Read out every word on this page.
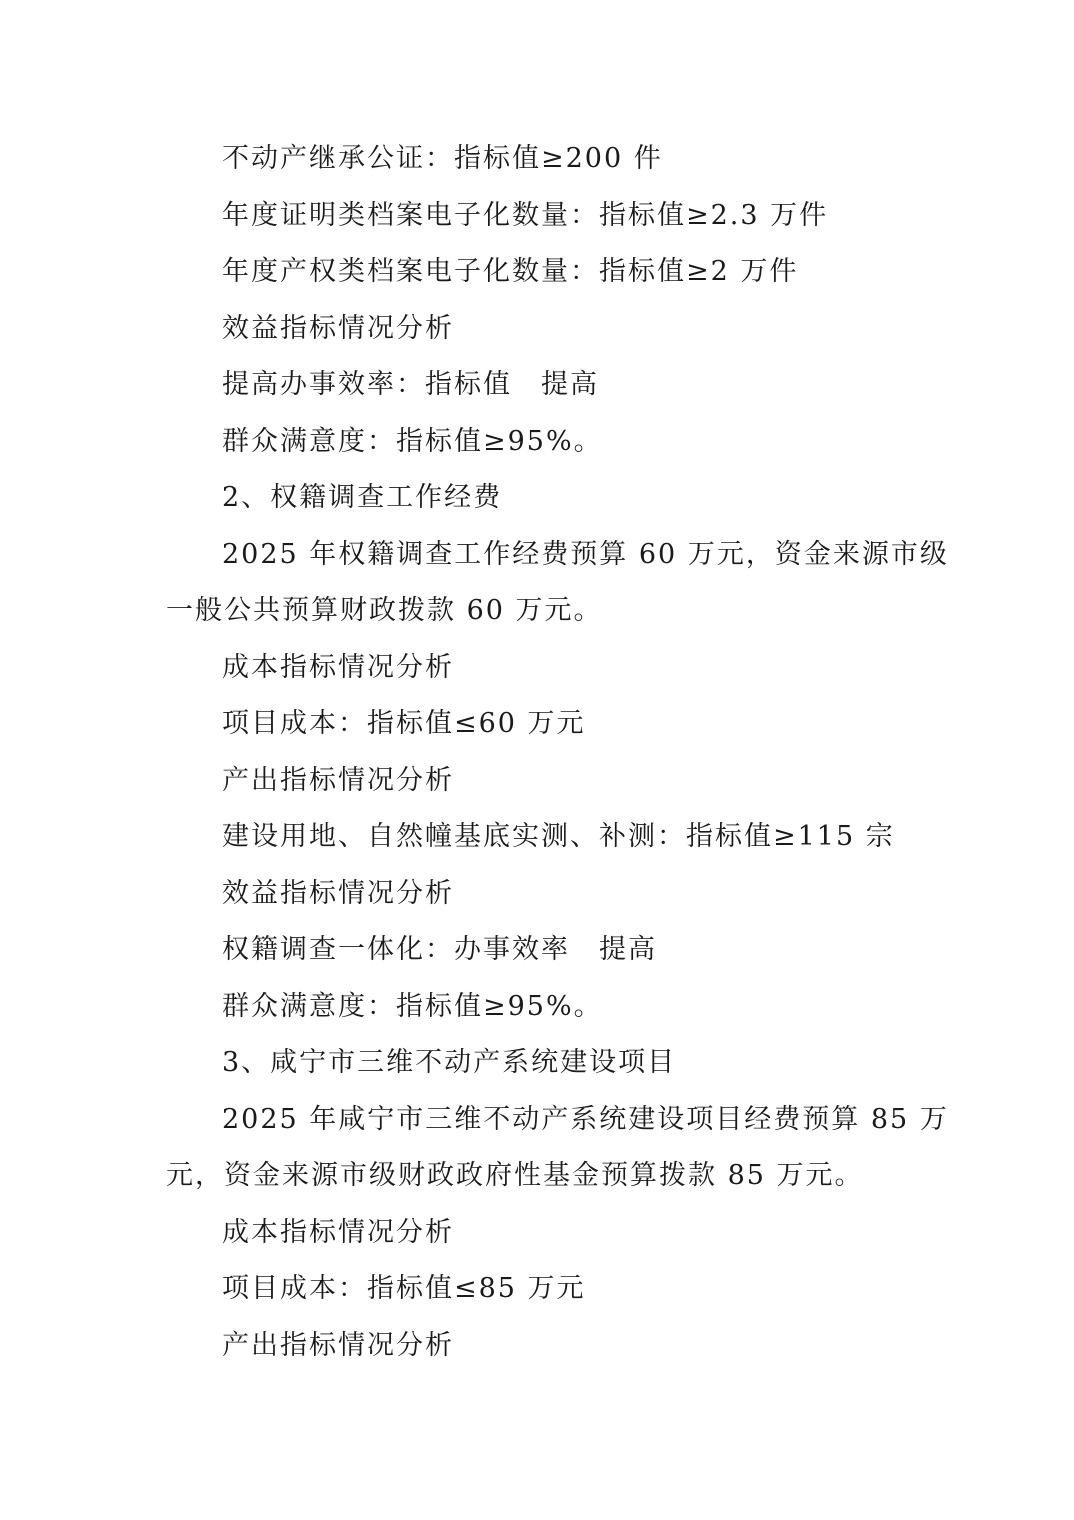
不动产继承公证：指标值≥200 件
年度证明类档案电子化数量：指标值≥2.3 万件
年度产权类档案电子化数量：指标值≥2 万件
效益指标情况分析
提高办事效率：指标值　提高
群众满意度：指标值≥95%。
2、权籍调查工作经费
2025 年权籍调查工作经费预算 60 万元，资金来源市级
一般公共预算财政拨款 60 万元。
成本指标情况分析
项目成本：指标值≤60 万元
产出指标情况分析
建设用地、自然幢基底实测、补测：指标值≥115 宗
效益指标情况分析
权籍调查一体化：办事效率　提高
群众满意度：指标值≥95%。
3、咸宁市三维不动产系统建设项目
2025 年咸宁市三维不动产系统建设项目经费预算 85 万
元，资金来源市级财政政府性基金预算拨款 85 万元。
成本指标情况分析
项目成本：指标值≤85 万元
产出指标情况分析
